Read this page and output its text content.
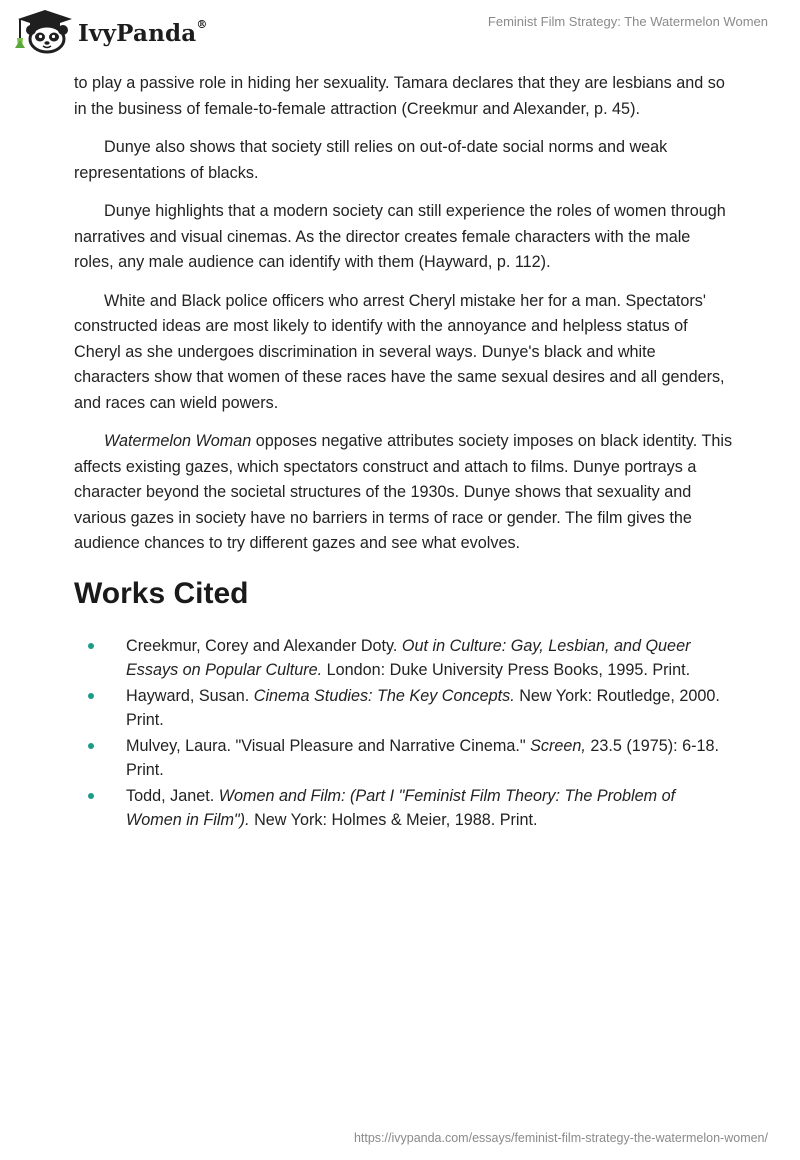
IvyPanda®	Feminist Film Strategy: The Watermelon Women

to play a passive role in hiding her sexuality. Tamara declares that they are lesbians and so in the business of female-to-female attraction (Creekmur and Alexander, p. 45).

Dunye also shows that society still relies on out-of-date social norms and weak representations of blacks.

Dunye highlights that a modern society can still experience the roles of women through narratives and visual cinemas. As the director creates female characters with the male roles, any male audience can identify with them (Hayward, p. 112).

White and Black police officers who arrest Cheryl mistake her for a man. Spectators' constructed ideas are most likely to identify with the annoyance and helpless status of Cheryl as she undergoes discrimination in several ways. Dunye's black and white characters show that women of these races have the same sexual desires and all genders, and races can wield powers.

Watermelon Woman opposes negative attributes society imposes on black identity. This affects existing gazes, which spectators construct and attach to films. Dunye portrays a character beyond the societal structures of the 1930s. Dunye shows that sexuality and various gazes in society have no barriers in terms of race or gender. The film gives the audience chances to try different gazes and see what evolves.

Works Cited
Creekmur, Corey and Alexander Doty. Out in Culture: Gay, Lesbian, and Queer Essays on Popular Culture. London: Duke University Press Books, 1995. Print.
Hayward, Susan. Cinema Studies: The Key Concepts. New York: Routledge, 2000. Print.
Mulvey, Laura. "Visual Pleasure and Narrative Cinema." Screen, 23.5 (1975): 6-18. Print.
Todd, Janet. Women and Film: (Part I "Feminist Film Theory: The Problem of Women in Film"). New York: Holmes & Meier, 1988. Print.
https://ivypanda.com/essays/feminist-film-strategy-the-watermelon-women/
